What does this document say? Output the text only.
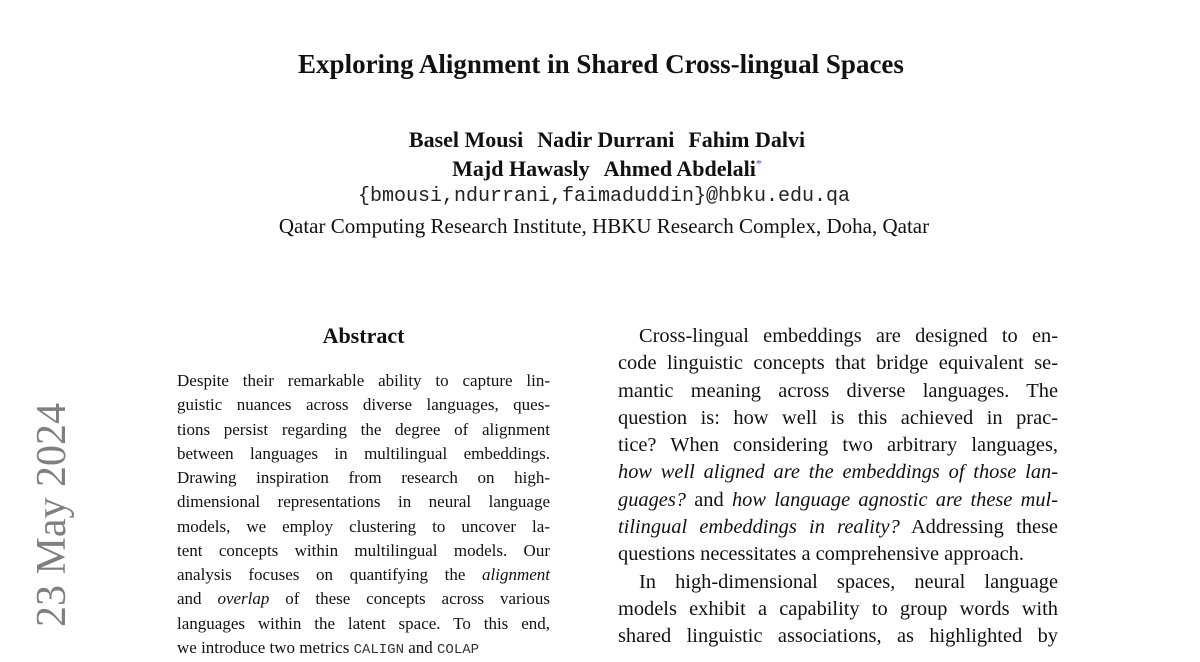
Exploring Alignment in Shared Cross-lingual Spaces
Basel Mousi Nadir Durrani Fahim Dalvi
Majd Hawasly Ahmed Abdelali*
{bmousi,ndurrani,faimaduddin}@hbku.edu.qa
Qatar Computing Research Institute, HBKU Research Complex, Doha, Qatar
23 May 2024
Abstract
Despite their remarkable ability to capture lin-
guistic nuances across diverse languages, ques-
tions persist regarding the degree of alignment
between languages in multilingual embeddings.
Drawing inspiration from research on high-
dimensional representations in neural language
models, we employ clustering to uncover la-
tent concepts within multilingual models. Our
analysis focuses on quantifying the alignment
and overlap of these concepts across various
languages within the latent space. To this end,
we introduce two metrics CALIGN and COLAP
Cross-lingual embeddings are designed to en-
code linguistic concepts that bridge equivalent se-
mantic meaning across diverse languages. The
question is: how well is this achieved in prac-
tice? When considering two arbitrary languages,
how well aligned are the embeddings of those lan-
guages? and how language agnostic are these mul-
tilingual embeddings in reality? Addressing these
questions necessitates a comprehensive approach.
In high-dimensional spaces, neural language
models exhibit a capability to group words with
shared linguistic associations, as highlighted by
